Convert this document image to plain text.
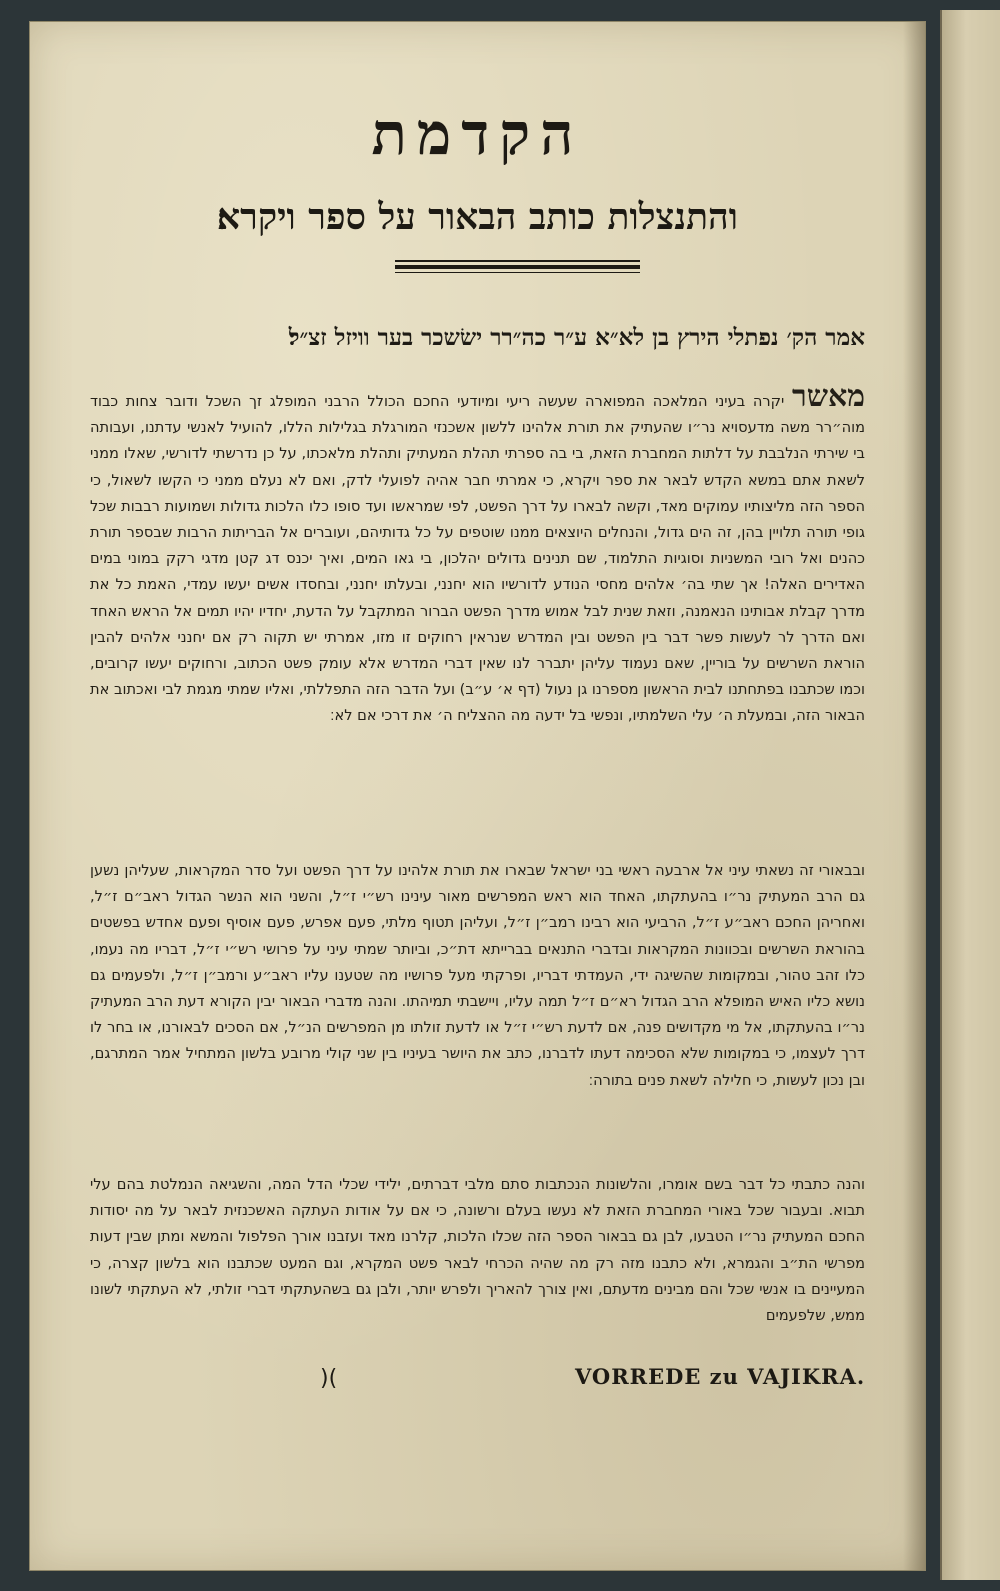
הקדמת
והתנצלות כותב הבאור על ספר ויקרא׃
אמר הק׳ נפתלי הירץ בן לא״א ע״ר כה״רר ישׂשכר בער וויזל זצ״ל׃
מאשר יקרה בעיני המלאכה המפוארה שעשה ריעי ומיודעי החכם הכולל הרבני המופלג זך השכל ודובר צחות כבוד מוה״רר משה מדעסויא נר״ו שהעתיק את תורת אלהינו ללשון אשכנזי המורגלת בגלילות הללו, להועיל לאנשי עדתנו, ועבותה בי שירתי הנלבבת על דלתות המחברת הזאת, בי בה ספרתי תהלת המעתיק ותהלת מלאכתו, על כן נדרשתי לדורשי, שאלו ממני לשאת אתם במשא הקדש לבאר את ספר ויקרא, כי אמרתי חבר אהיה לפועלי לדק, ואם לא נעלם ממני כי הקשו לשאול, כי הספר הזה מליצותיו עמוקים מאד, וקשה לבארו על דרך הפשט, לפי שמראשו ועד סופו כלו הלכות גדולות ושמועות רבבות שכל גופי תורה תלויין בהן, זה הים גדול, והנחלים היוצאים ממנו שוטפים על כל גדותיהם, ועוברים אל הבריתות הרבות שבספר תורת כהנים ואל רובי המשניות וסוגיות התלמוד, שם תנינים גדולים יהלכון, בי גאו המים, ואיך יכנס דג קטן מדגי רקק במוני במים האדירים האלה! אך שתי בה׳ אלהים מחסי הנודע לדורשיו הוא יחנני, ובעלתו יחנני, ובחסדו אשים יעשו עמדי, האמת כל את מדרך קבלת אבותינו הנאמנה, וזאת שנית לבל אמוש מדרך הפשט הברור המתקבל על הדעת, יחדיו יהיו תמים אל הראש האחד ואם הדרך לר לעשות פשר דבר בין הפשט ובין המדרש שנראין רחוקים זו מזו, אמרתי יש תקוה רק אם יחנני אלהים להבין הוראת השרשים על בוריין, שאם נעמוד עליהן יתברר לנו שאין דברי המדרש אלא עומק פשט הכתוב, ורחוקים יעשו קרובים, וכמו שכתבנו בפתחתנו לבית הראשון מספרנו גן נעול (דף א׳ ע״ב) ועל הדבר הזה התפללתי, ואליו שמתי מגמת לבי ואכתוב את הבאור הזה, ובמעלת ה׳ עלי השלמתיו, ונפשי בל ידעה מה ההצליח ה׳ את דרכי אם לא׃
ובבאורי זה נשאתי עיני אל ארבעה ראשי בני ישראל שבארו את תורת אלהינו על דרך הפשט ועל סדר המקראות, שעליהן נשען גם הרב המעתיק נר״ו בהעתקתו, האחד הוא ראש המפרשים מאור עינינו רש״י ז״ל, והשני הוא הנשר הגדול ראב״ם ז״ל, ואחריהן החכם ראב״ע ז״ל, הרביעי הוא רבינו רמב״ן ז״ל, ועליהן תטוף מלתי, פעם אפרש, פעם אוסיף ופעם אחדש בפשטים בהוראת השרשים ובכוונות המקראות ובדברי התנאים בברייתא דת״כ, וביותר שמתי עיני על פרושי רש״י ז״ל, דבריו מה נעמו, כלו זהב טהור, ובמקומות שהשיגה ידי, העמדתי דבריו, ופרקתי מעל פרושיו מה שטענו עליו ראב״ע ורמב״ן ז״ל, ולפעמים גם נושא כליו האיש המופלא הרב הגדול רא״ם ז״ל תמה עליו, ויישבתי תמיהתו. והנה מדברי הבאור יבין הקורא דעת הרב המעתיק נר״ו בהעתקתו, אל מי מקדושים פנה, אם לדעת רש״י ז״ל או לדעת זולתו מן המפרשים הנ״ל, אם הסכים לבאורנו, או בחר לו דרך לעצמו, כי במקומות שלא הסכימה דעתו לדברנו, כתב את היושר בעיניו בין שני קולי מרובע בלשון המתחיל אמר המתרגם, ובן נכון לעשות, כי חלילה לשאת פנים בתורה׃
והנה כתבתי כל דבר בשם אומרו, והלשונות הנכתבות סתם מלבי דברתים, ילידי שכלי הדל המה, והשגיאה הנמלטת בהם עלי תבוא. ובעבור שכל באורי המחברת הזאת לא נעשו בעלם ורשונה, כי אם על אודות העתקה האשכנזית לבאר על מה יסודות החכם המעתיק נר״ו הטבעו, לבן גם בבאור הספר הזה שכלו הלכות, קלרנו מאד ועזבנו אורך הפלפול והמשא ומתן שבין דעות מפרשי הת״ב והגמרא, ולא כתבנו מזה רק מה שהיה הכרחי לבאר פשט המקרא, וגם המעט שכתבנו הוא בלשון קצרה, כי המעיינים בו אנשי שכל והם מבינים מדעתם, ואין צורך להאריך ולפרש יותר, ולבן גם בשהעתקתי דברי זולתי, לא העתקתי לשונו ממש, שלפעמים
)(	VORREDE zu VAJIKRA.
